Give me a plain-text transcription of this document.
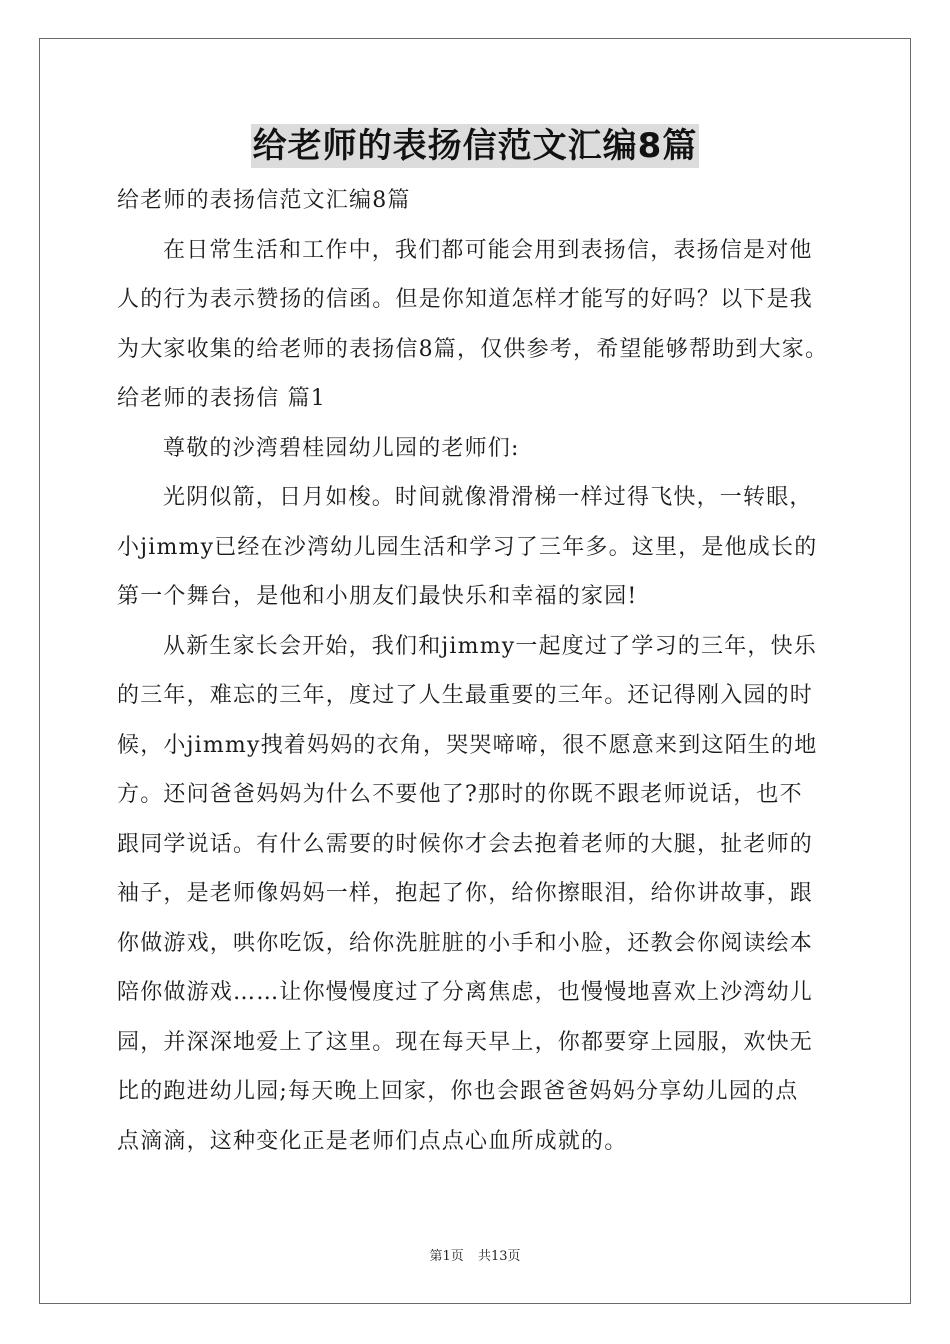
给老师的表扬信范文汇编8篇
给老师的表扬信范文汇编8篇
在日常生活和工作中，我们都可能会用到表扬信，表扬信是对他
人的行为表示赞扬的信函。但是你知道怎样才能写的好吗？以下是我
为大家收集的给老师的表扬信8篇，仅供参考，希望能够帮助到大家。
给老师的表扬信 篇1
尊敬的沙湾碧桂园幼儿园的老师们:
光阴似箭，日月如梭。时间就像滑滑梯一样过得飞快，一转眼，
小jimmy已经在沙湾幼儿园生活和学习了三年多。这里，是他成长的
第一个舞台，是他和小朋友们最快乐和幸福的家园!
从新生家长会开始，我们和jimmy一起度过了学习的三年，快乐
的三年，难忘的三年，度过了人生最重要的三年。还记得刚入园的时
候，小jimmy拽着妈妈的衣角，哭哭啼啼，很不愿意来到这陌生的地
方。还问爸爸妈妈为什么不要他了?那时的你既不跟老师说话，也不
跟同学说话。有什么需要的时候你才会去抱着老师的大腿，扯老师的
袖子，是老师像妈妈一样，抱起了你，给你擦眼泪，给你讲故事，跟
你做游戏，哄你吃饭，给你洗脏脏的小手和小脸，还教会你阅读绘本
陪你做游戏……让你慢慢度过了分离焦虑，也慢慢地喜欢上沙湾幼儿
园，并深深地爱上了这里。现在每天早上，你都要穿上园服，欢快无
比的跑进幼儿园;每天晚上回家，你也会跟爸爸妈妈分享幼儿园的点
点滴滴，这种变化正是老师们点点心血所成就的。
第1页 共13页
